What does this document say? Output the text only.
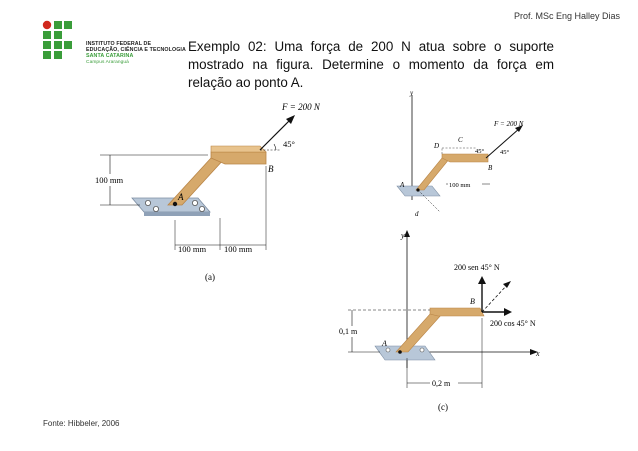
Prof. MSc Eng Halley Dias
INSTITUTO FEDERAL DE
EDUCAÇÃO, CIÊNCIA E TECNOLOGIA
SANTA CATARINA
Campus Araranguá
Exemplo 02: Uma força de 200 N atua sobre o suporte mostrado na figura. Determine o momento da força em relação ao ponto A.
A
B
F = 200 N
45°
100 mm
100 mm 100 mm
(a)
y
F = 200 N
45°
45°
D
C
B
A	100 mm
d
y
x
200 sen 45° N
200 cos 45° N
B
A
0,1 m
0,2 m
(c)
Fonte: Hibbeler, 2006
